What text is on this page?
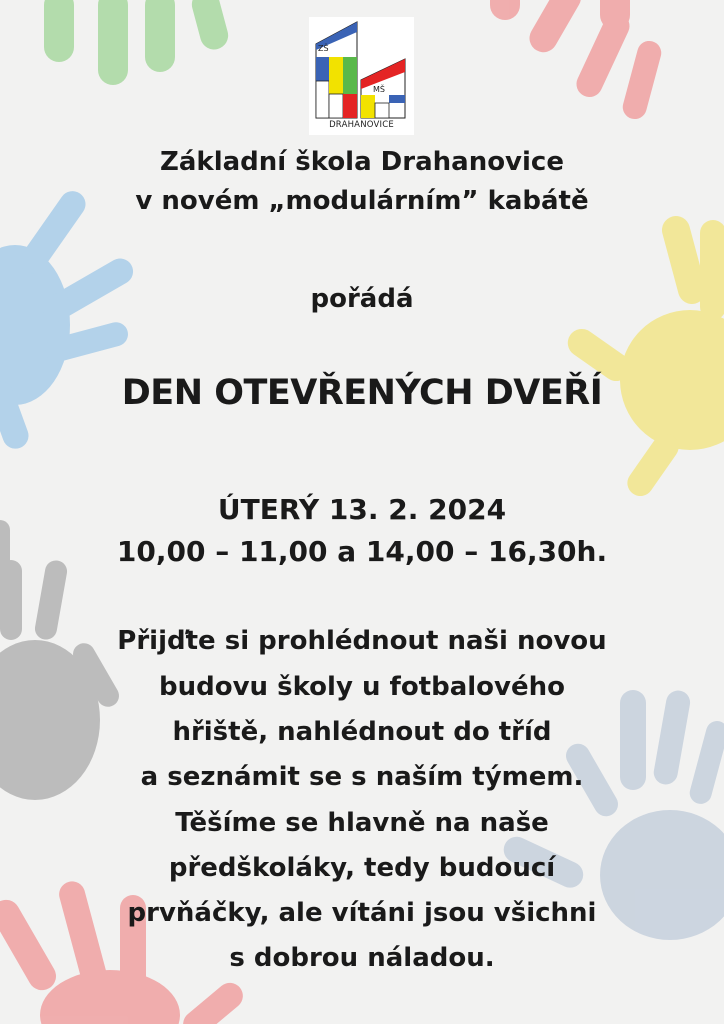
ZŠ
MŠ
DRAHANOVICE
Základní škola Drahanovice
v novém „modulárním” kabátě
pořádá
DEN OTEVŘENÝCH DVEŘÍ
ÚTERÝ 13. 2. 2024
10,00 – 11,00 a 14,00 – 16,30h.
Přijďte si prohlédnout naši novou
budovu školy u fotbalového
hřiště, nahlédnout do tříd
a seznámit se s naším týmem.
Těšíme se hlavně na naše
předškoláky, tedy budoucí
prvňáčky, ale vítáni jsou všichni
s dobrou náladou.
